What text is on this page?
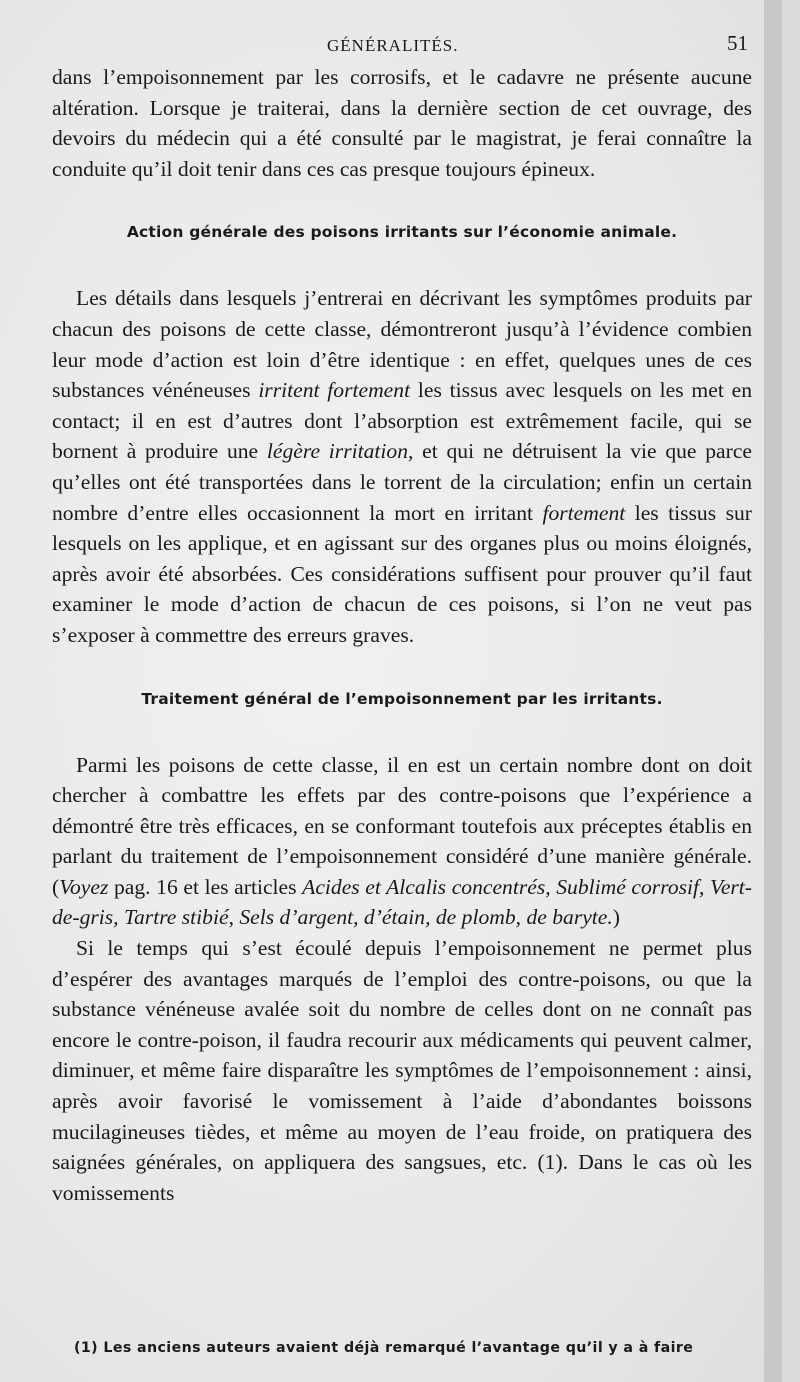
GÉNÉRALITÉS.	51

dans l’empoisonnement par les corrosifs, et le cadavre ne présente aucune altération. Lorsque je traiterai, dans la dernière section de cet ouvrage, des devoirs du médecin qui a été consulté par le magistrat, je ferai connaître la conduite qu’il doit tenir dans ces cas presque toujours épineux.

Action générale des poisons irritants sur l’économie animale.

Les détails dans lesquels j’entrerai en décrivant les symptômes produits par chacun des poisons de cette classe, démontreront jusqu’à l’évidence combien leur mode d’action est loin d’être identique : en effet, quelques unes de ces substances vénéneuses irritent fortement les tissus avec lesquels on les met en contact; il en est d’autres dont l’absorption est extrêmement facile, qui se bornent à produire une légère irritation, et qui ne détruisent la vie que parce qu’elles ont été transportées dans le torrent de la circulation; enfin un certain nombre d’entre elles occasionnent la mort en irritant fortement les tissus sur lesquels on les applique, et en agissant sur des organes plus ou moins éloignés, après avoir été absorbées. Ces considérations suffisent pour prouver qu’il faut examiner le mode d’action de chacun de ces poisons, si l’on ne veut pas s’exposer à commettre des erreurs graves.

Traitement général de l’empoisonnement par les irritants.

Parmi les poisons de cette classe, il en est un certain nombre dont on doit chercher à combattre les effets par des contre-poisons que l’expérience a démontré être très efficaces, en se conformant toutefois aux préceptes établis en parlant du traitement de l’empoisonnement considéré d’une manière générale. (Voyez pag. 16 et les articles Acides et Alcalis concentrés, Sublimé corrosif, Vert-de-gris, Tartre stibié, Sels d’argent, d’étain, de plomb, de baryte.)

Si le temps qui s’est écoulé depuis l’empoisonnement ne permet plus d’espérer des avantages marqués de l’emploi des contre-poisons, ou que la substance vénéneuse avalée soit du nombre de celles dont on ne connaît pas encore le contre-poison, il faudra recourir aux médicaments qui peuvent calmer, diminuer, et même faire disparaître les symptômes de l’empoisonnement : ainsi, après avoir favorisé le vomissement à l’aide d’abondantes boissons mucilagineuses tièdes, et même au moyen de l’eau froide, on pratiquera des saignées générales, on appliquera des sangsues, etc. (1). Dans le cas où les vomissements

(1) Les anciens auteurs avaient déjà remarqué l’avantage qu’il y a à faire
